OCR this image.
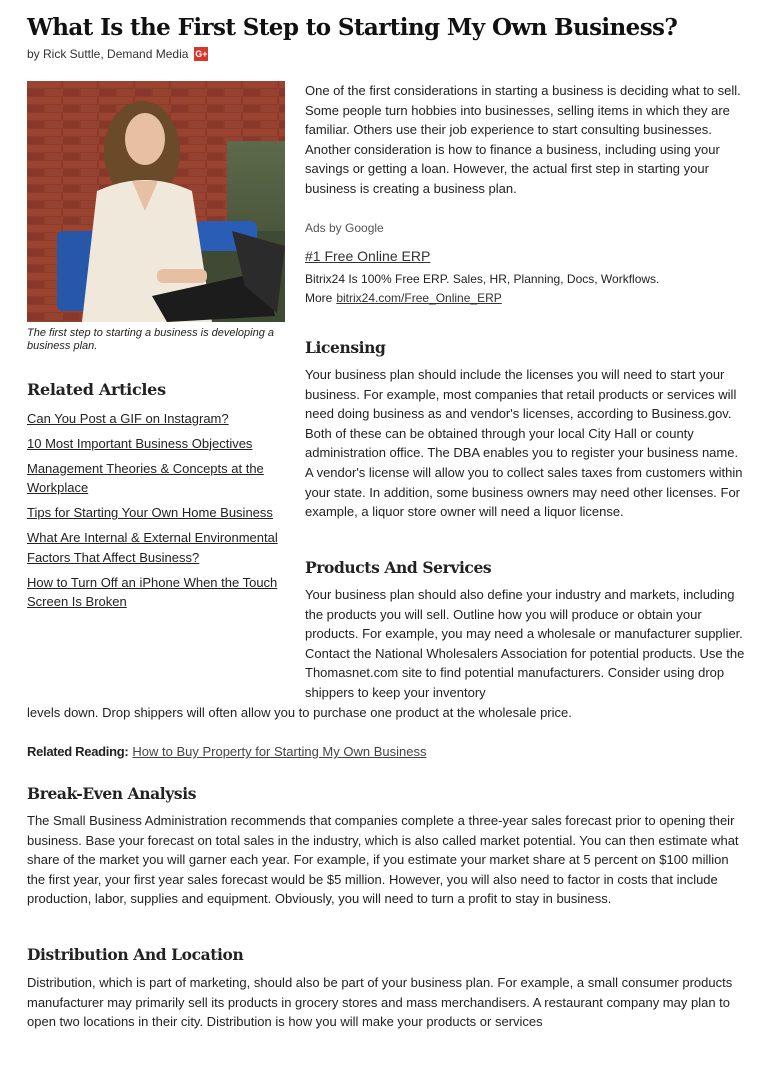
What Is the First Step to Starting My Own Business?
by Rick Suttle, Demand Media G+
The first step to starting a business is developing a business plan.
Related Articles
Can You Post a GIF on Instagram?
10 Most Important Business Objectives
Management Theories & Concepts at the Workplace
Tips for Starting Your Own Home Business
What Are Internal & External Environmental Factors That Affect Business?
How to Turn Off an iPhone When the Touch Screen Is Broken

One of the first considerations in starting a business is deciding what to sell. Some people turn hobbies into businesses, selling items in which they are familiar. Others use their job experience to start consulting businesses. Another consideration is how to finance a business, including using your savings or getting a loan. However, the actual first step in starting your business is creating a business plan.

Ads by Google
#1 Free Online ERP
Bitrix24 Is 100% Free ERP. Sales, HR, Planning, Docs, Workflows.
More bitrix24.com/Free_Online_ERP
Licensing

Your business plan should include the licenses you will need to start your business. For example, most companies that retail products or services will need doing business as and vendor's licenses, according to Business.gov. Both of these can be obtained through your local City Hall or county administration office. The DBA enables you to register your business name. A vendor's license will allow you to collect sales taxes from customers within your state. In addition, some business owners may need other licenses. For example, a liquor store owner will need a liquor license.

Products And Services

Your business plan should also define your industry and markets, including the products you will sell. Outline how you will produce or obtain your products. For example, you may need a wholesale or manufacturer supplier. Contact the National Wholesalers Association for potential products. Use the Thomasnet.com site to find potential manufacturers. Consider using drop shippers to keep your inventory

levels down. Drop shippers will often allow you to purchase one product at the wholesale price.

Related Reading: How to Buy Property for Starting My Own Business
Break-Even Analysis

The Small Business Administration recommends that companies complete a three-year sales forecast prior to opening their business. Base your forecast on total sales in the industry, which is also called market potential. You can then estimate what share of the market you will garner each year. For example, if you estimate your market share at 5 percent on $100 million the first year, your first year sales forecast would be $5 million. However, you will also need to factor in costs that include production, labor, supplies and equipment. Obviously, you will need to turn a profit to stay in business.

Distribution And Location

Distribution, which is part of marketing, should also be part of your business plan. For example, a small consumer products manufacturer may primarily sell its products in grocery stores and mass merchandisers. A restaurant company may plan to open two locations in their city. Distribution is how you will make your products or services
